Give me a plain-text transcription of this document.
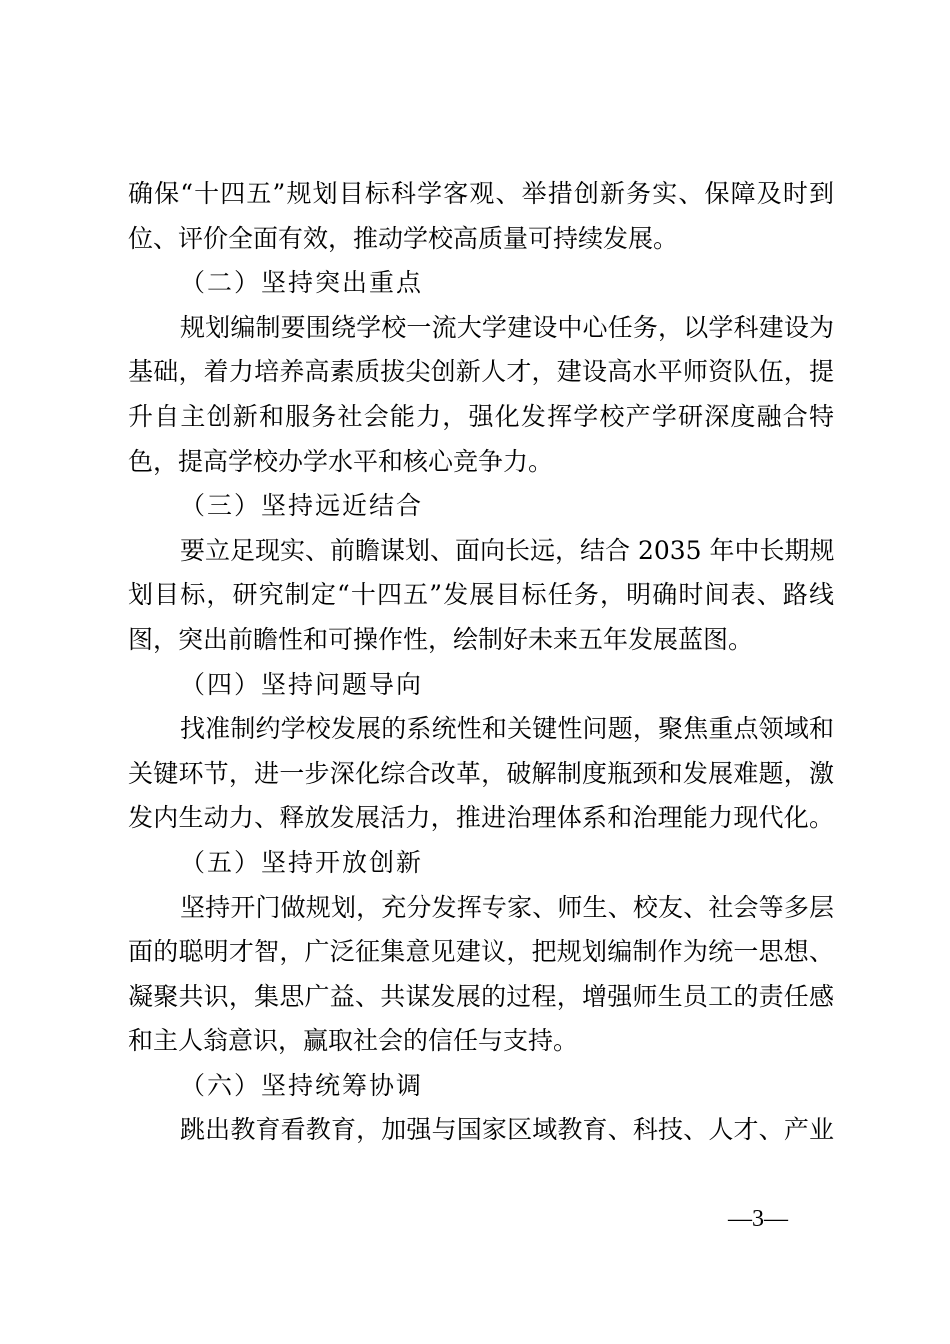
确保“十四五”规划目标科学客观、举措创新务实、保障及时到
位、评价全面有效，推动学校高质量可持续发展。
（二）坚持突出重点
规划编制要围绕学校一流大学建设中心任务，以学科建设为
基础，着力培养高素质拔尖创新人才，建设高水平师资队伍，提
升自主创新和服务社会能力，强化发挥学校产学研深度融合特
色，提高学校办学水平和核心竞争力。
（三）坚持远近结合
要立足现实、前瞻谋划、面向长远，结合 2035 年中长期规
划目标，研究制定“十四五”发展目标任务，明确时间表、路线
图，突出前瞻性和可操作性，绘制好未来五年发展蓝图。
（四）坚持问题导向
找准制约学校发展的系统性和关键性问题，聚焦重点领域和
关键环节，进一步深化综合改革，破解制度瓶颈和发展难题，激
发内生动力、释放发展活力，推进治理体系和治理能力现代化。
（五）坚持开放创新
坚持开门做规划，充分发挥专家、师生、校友、社会等多层
面的聪明才智，广泛征集意见建议，把规划编制作为统一思想、
凝聚共识，集思广益、共谋发展的过程，增强师生员工的责任感
和主人翁意识，赢取社会的信任与支持。
（六）坚持统筹协调
跳出教育看教育，加强与国家区域教育、科技、人才、产业
—3—
